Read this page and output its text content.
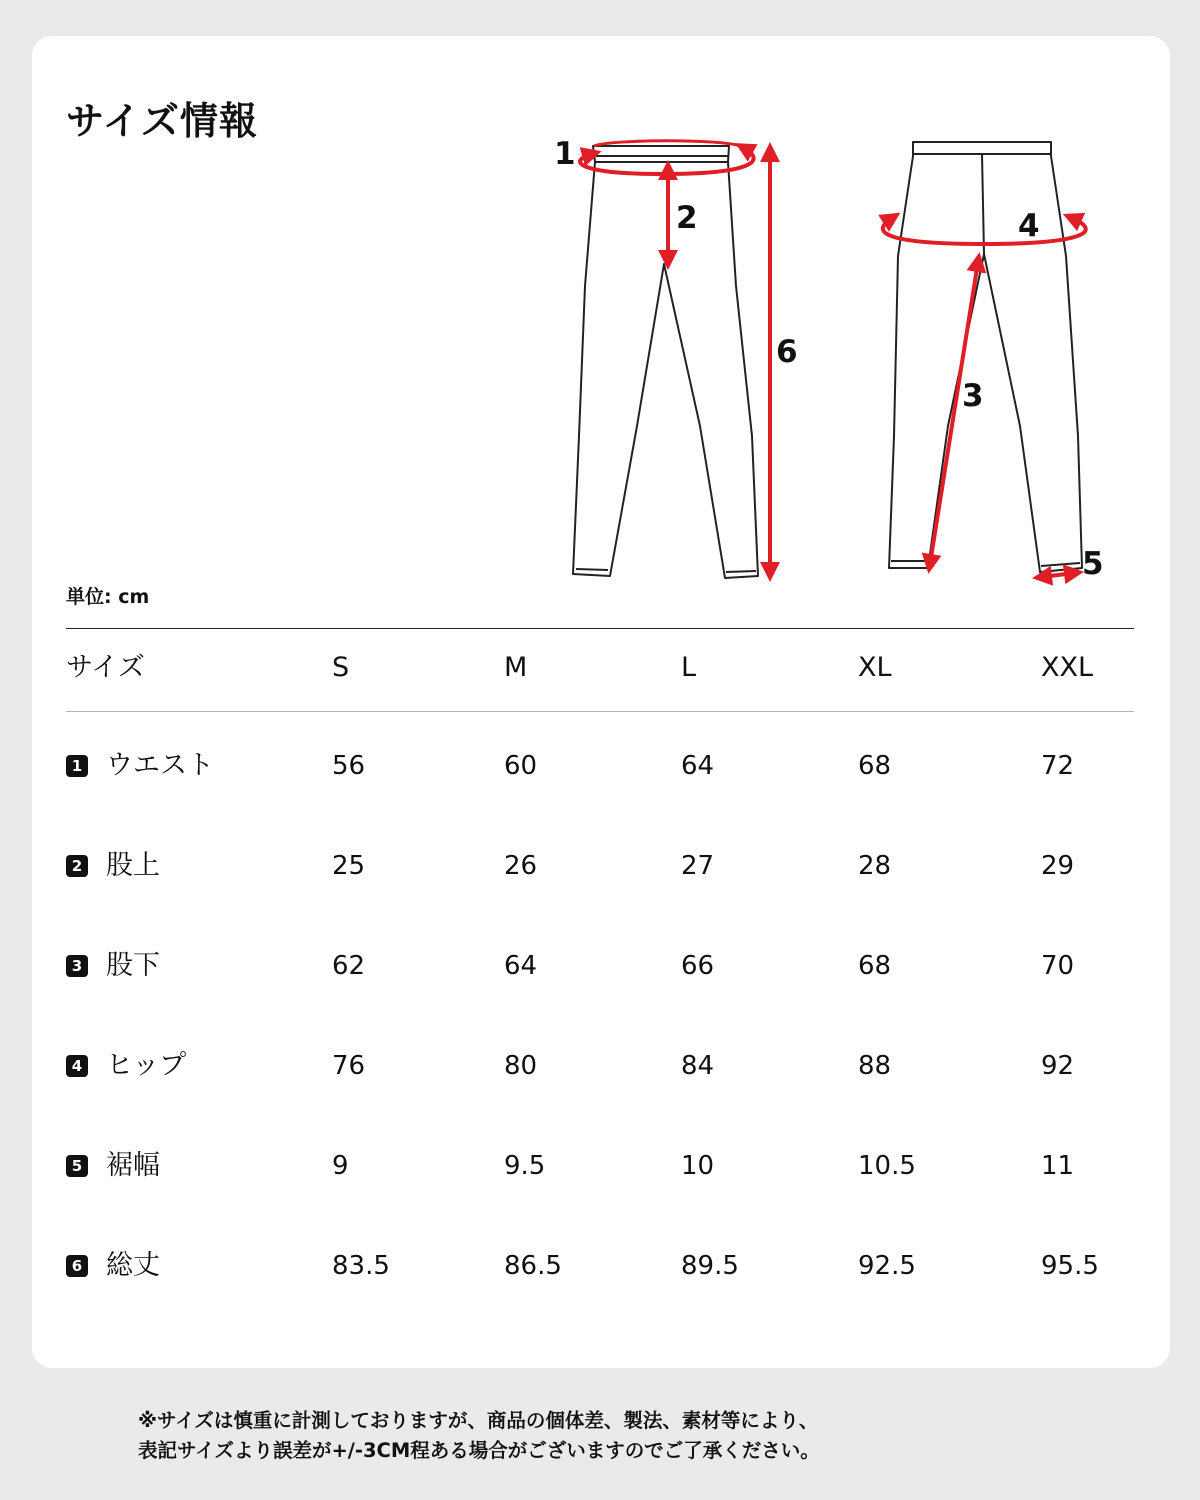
サイズ情報
1
2
6
4
3
5
単位: cm
サイズ	S	M	L	XL	XXL
1 ウエスト	56	60	64	68	72
2 股上	25	26	27	28	29
3 股下	62	64	66	68	70
4 ヒップ	76	80	84	88	92
5 裾幅	9	9.5	10	10.5	11
6 総丈	83.5	86.5	89.5	92.5	95.5
※サイズは慎重に計測しておりますが、商品の個体差、製法、素材等により、
表記サイズより誤差が+/-3CM程ある場合がございますのでご了承ください。
